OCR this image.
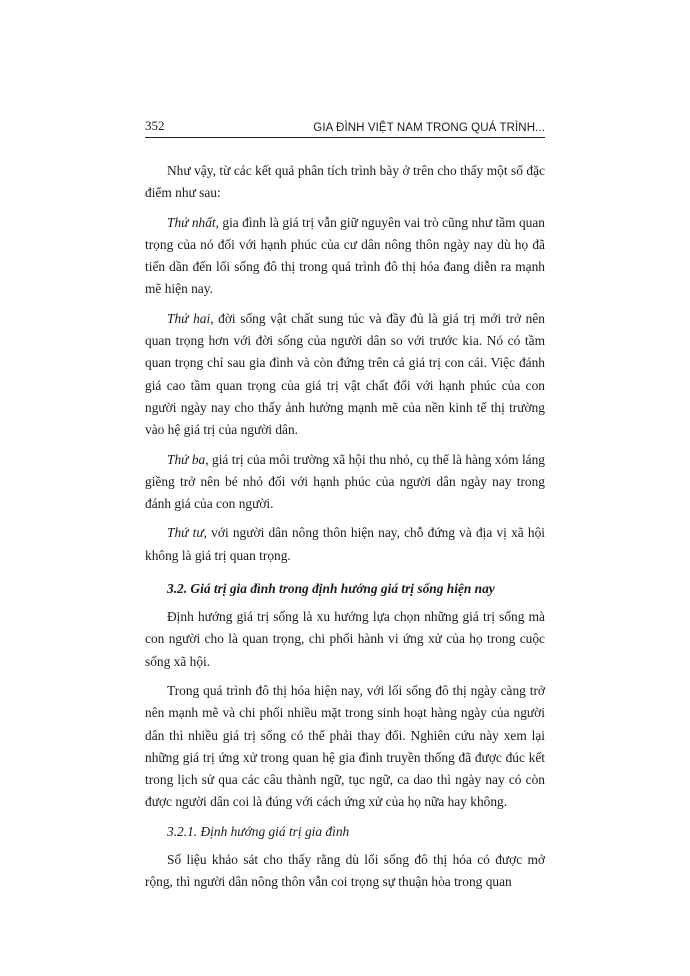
352	GIA ĐÌNH VIỆT NAM TRONG QUÁ TRÌNH...

Như vậy, từ các kết quả phân tích trình bày ở trên cho thấy một số đặc điểm như sau:

Thứ nhất, gia đình là giá trị vẫn giữ nguyên vai trò cũng như tầm quan trọng của nó đối với hạnh phúc của cư dân nông thôn ngày nay dù họ đã tiến dần đến lối sống đô thị trong quá trình đô thị hóa đang diễn ra mạnh mẽ hiện nay.

Thứ hai, đời sống vật chất sung túc và đầy đủ là giá trị mới trở nên quan trọng hơn với đời sống của người dân so với trước kia. Nó có tầm quan trọng chỉ sau gia đình và còn đứng trên cả giá trị con cái. Việc đánh giá cao tầm quan trọng của giá trị vật chất đối với hạnh phúc của con người ngày nay cho thấy ảnh hưởng mạnh mẽ của nền kinh tế thị trường vào hệ giá trị của người dân.

Thứ ba, giá trị của môi trường xã hội thu nhỏ, cụ thể là hàng xóm láng giềng trở nên bé nhỏ đối với hạnh phúc của người dân ngày nay trong đánh giá của con người.

Thứ tư, với người dân nông thôn hiện nay, chỗ đứng và địa vị xã hội không là giá trị quan trọng.

3.2. Giá trị gia đình trong định hướng giá trị sống hiện nay

Định hướng giá trị sống là xu hướng lựa chọn những giá trị sống mà con người cho là quan trọng, chi phối hành vi ứng xử của họ trong cuộc sống xã hội.

Trong quá trình đô thị hóa hiện nay, với lối sống đô thị ngày càng trở nên mạnh mẽ và chi phối nhiều mặt trong sinh hoạt hàng ngày của người dân thì nhiều giá trị sống có thể phải thay đổi. Nghiên cứu này xem lại những giá trị ứng xử trong quan hệ gia đình truyền thống đã được đúc kết trong lịch sử qua các câu thành ngữ, tục ngữ, ca dao thì ngày nay có còn được người dân coi là đúng với cách ứng xử của họ nữa hay không.

3.2.1. Định hướng giá trị gia đình

Số liệu khảo sát cho thấy rằng dù lối sống đô thị hóa có được mở rộng, thì người dân nông thôn vẫn coi trọng sự thuận hòa trong quan
